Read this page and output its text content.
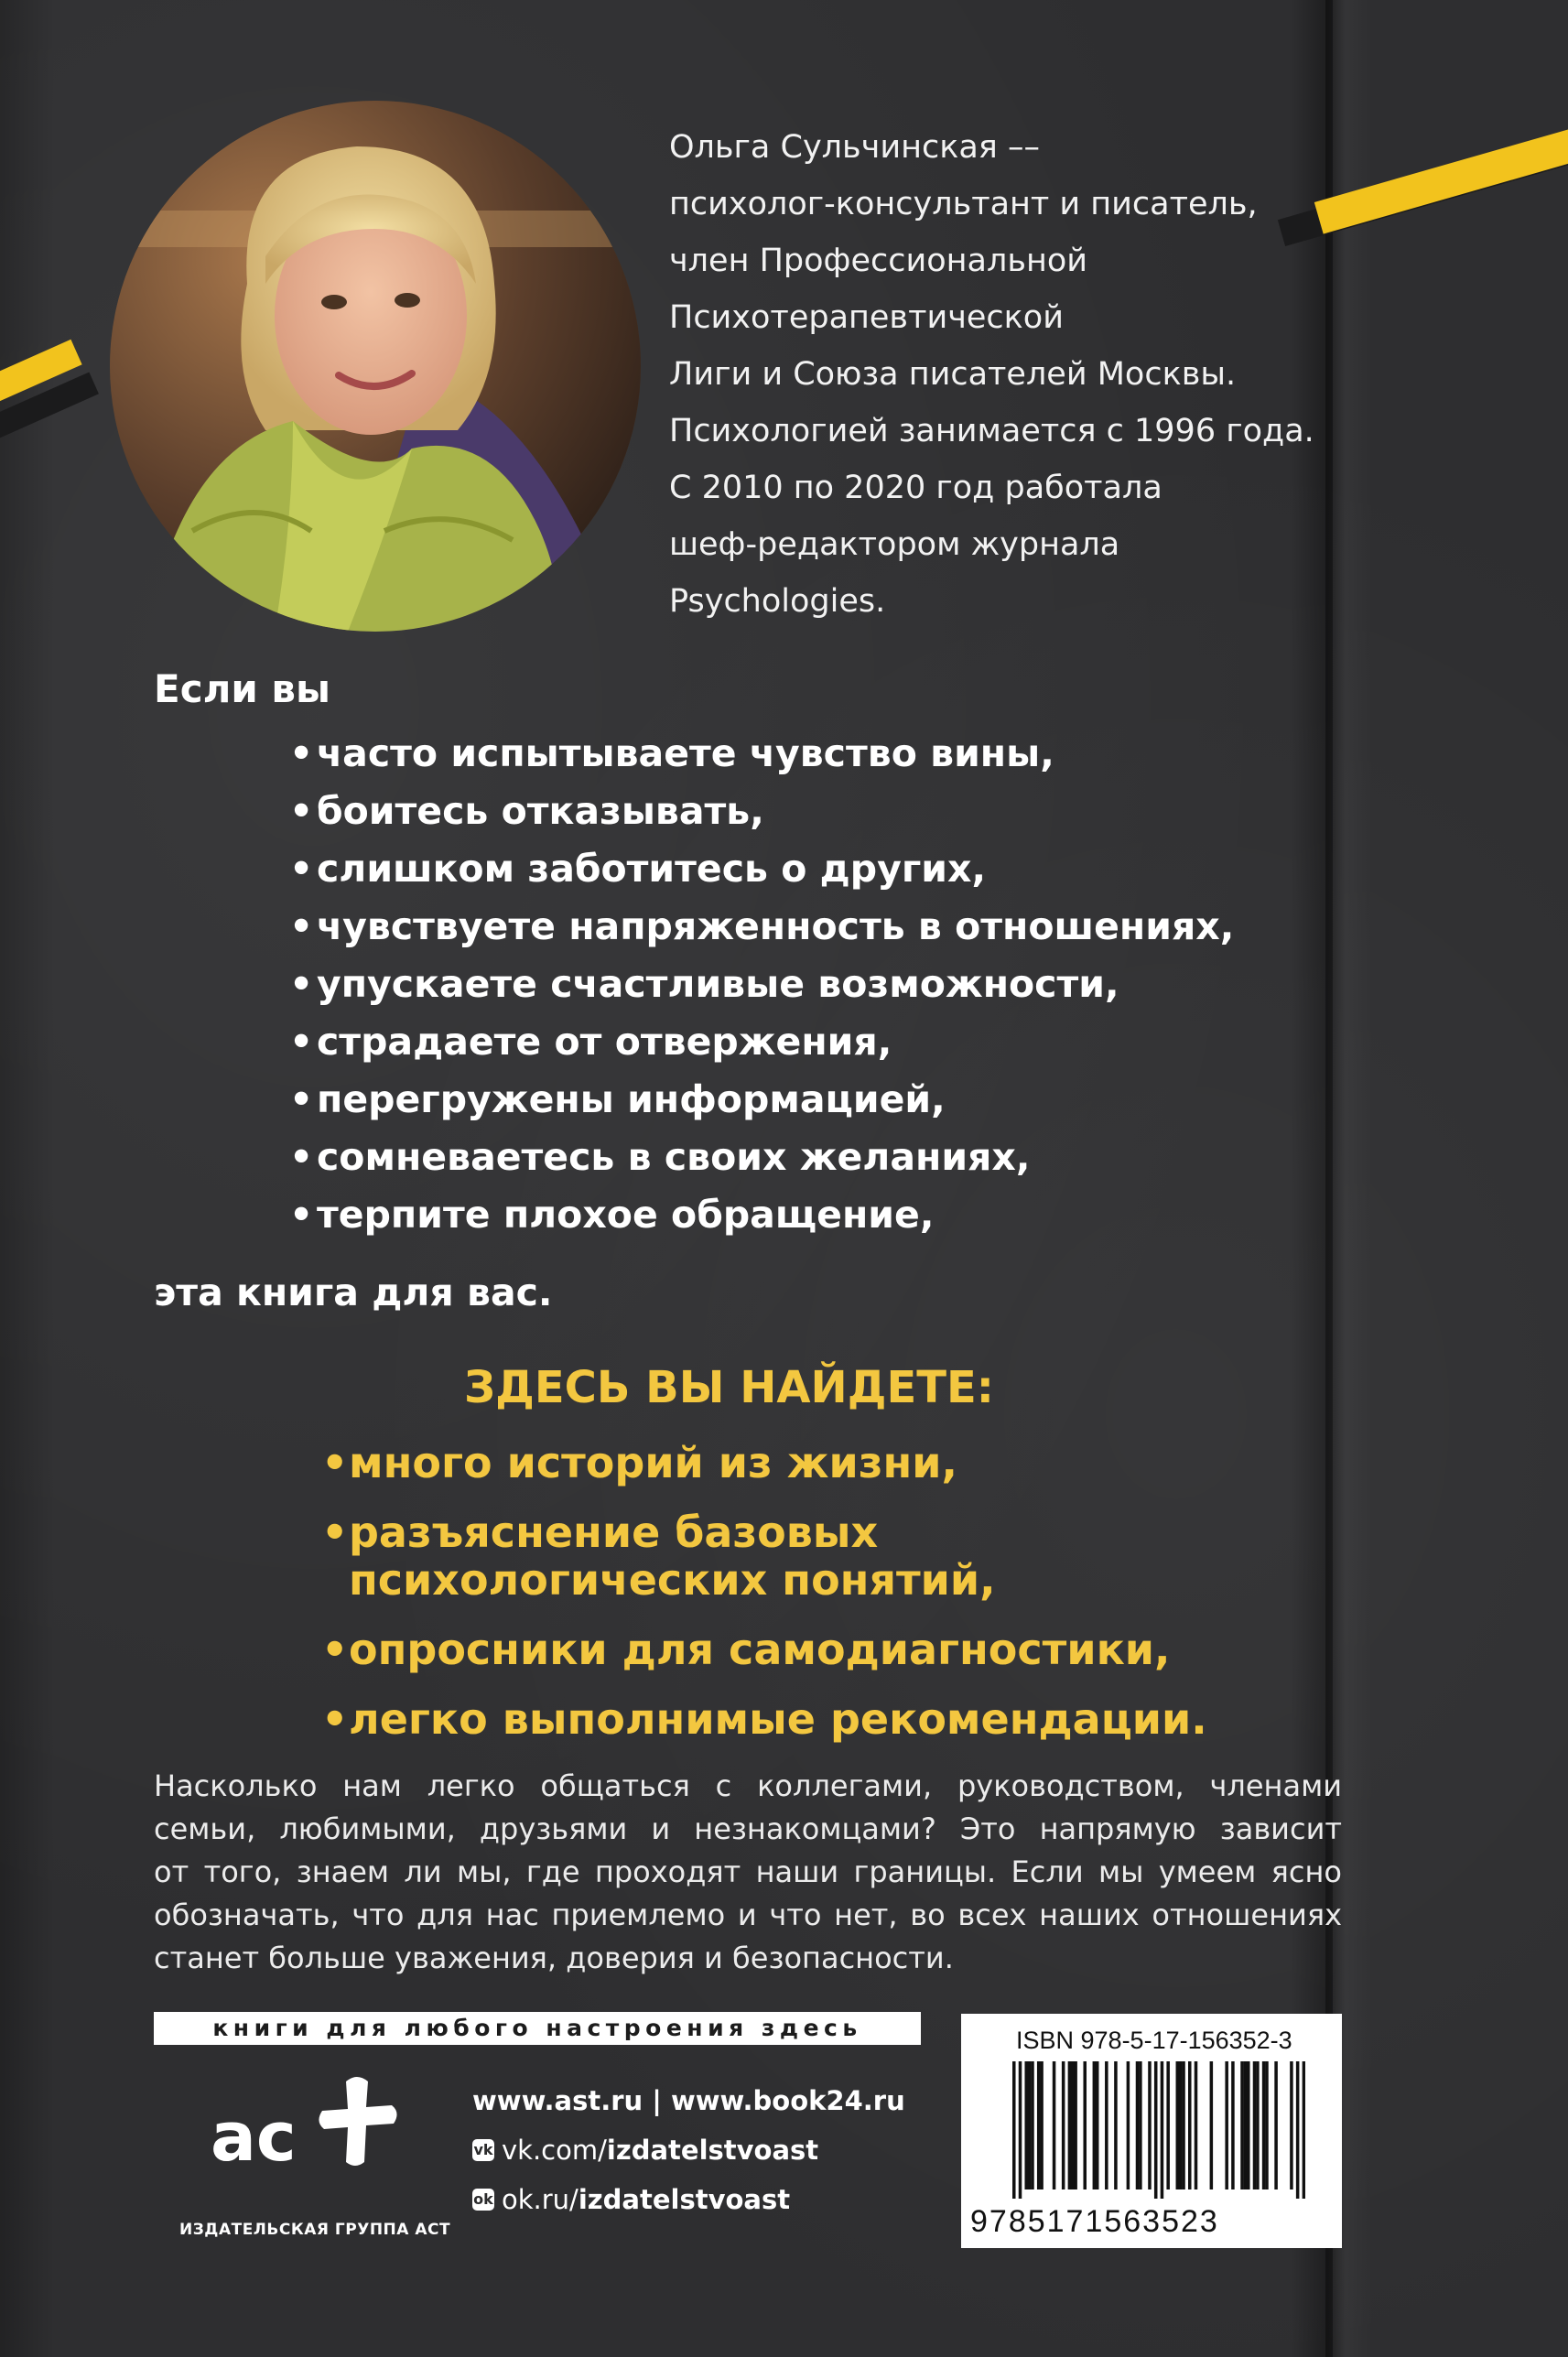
Ольга Сульчинская ––
психолог-консультант и писатель,
член Профессиональной
Психотерапевтической
Лиги и Союза писателей Москвы.
Психологией занимается с 1996 года.
С 2010 по 2020 год работала
шеф-редактором журнала
Psychologies.
Если вы
• часто испытываете чувство вины,
• боитесь отказывать,
• слишком заботитесь о других,
• чувствуете напряженность в отношениях,
• упускаете счастливые возможности,
• страдаете от отвержения,
• перегружены информацией,
• сомневаетесь в своих желаниях,
• терпите плохое обращение,
эта книга для вас.
ЗДЕСЬ ВЫ НАЙДЕТЕ:
• много историй из жизни,
• разъяснение базовых
психологических понятий,
• опросники для самодиагностики,
• легко выполнимые рекомендации.
Насколько нам легко общаться с коллегами, руководством, членами
семьи, любимыми, друзьями и незнакомцами? Это напрямую зависит
от того, знаем ли мы, где проходят наши границы. Если мы умеем ясно
обозначать, что для нас приемлемо и что нет, во всех наших отношениях
станет больше уважения, доверия и безопасности.
книги для любого настроения здесь
ас
ИЗДАТЕЛЬСКАЯ ГРУППА АСТ
www.ast.ru | www.book24.ru
vk vk.com/ izdatelstvoast
ok ok.ru/ izdatelstvoast
ISBN 978-5-17-156352-3
9785171563523
